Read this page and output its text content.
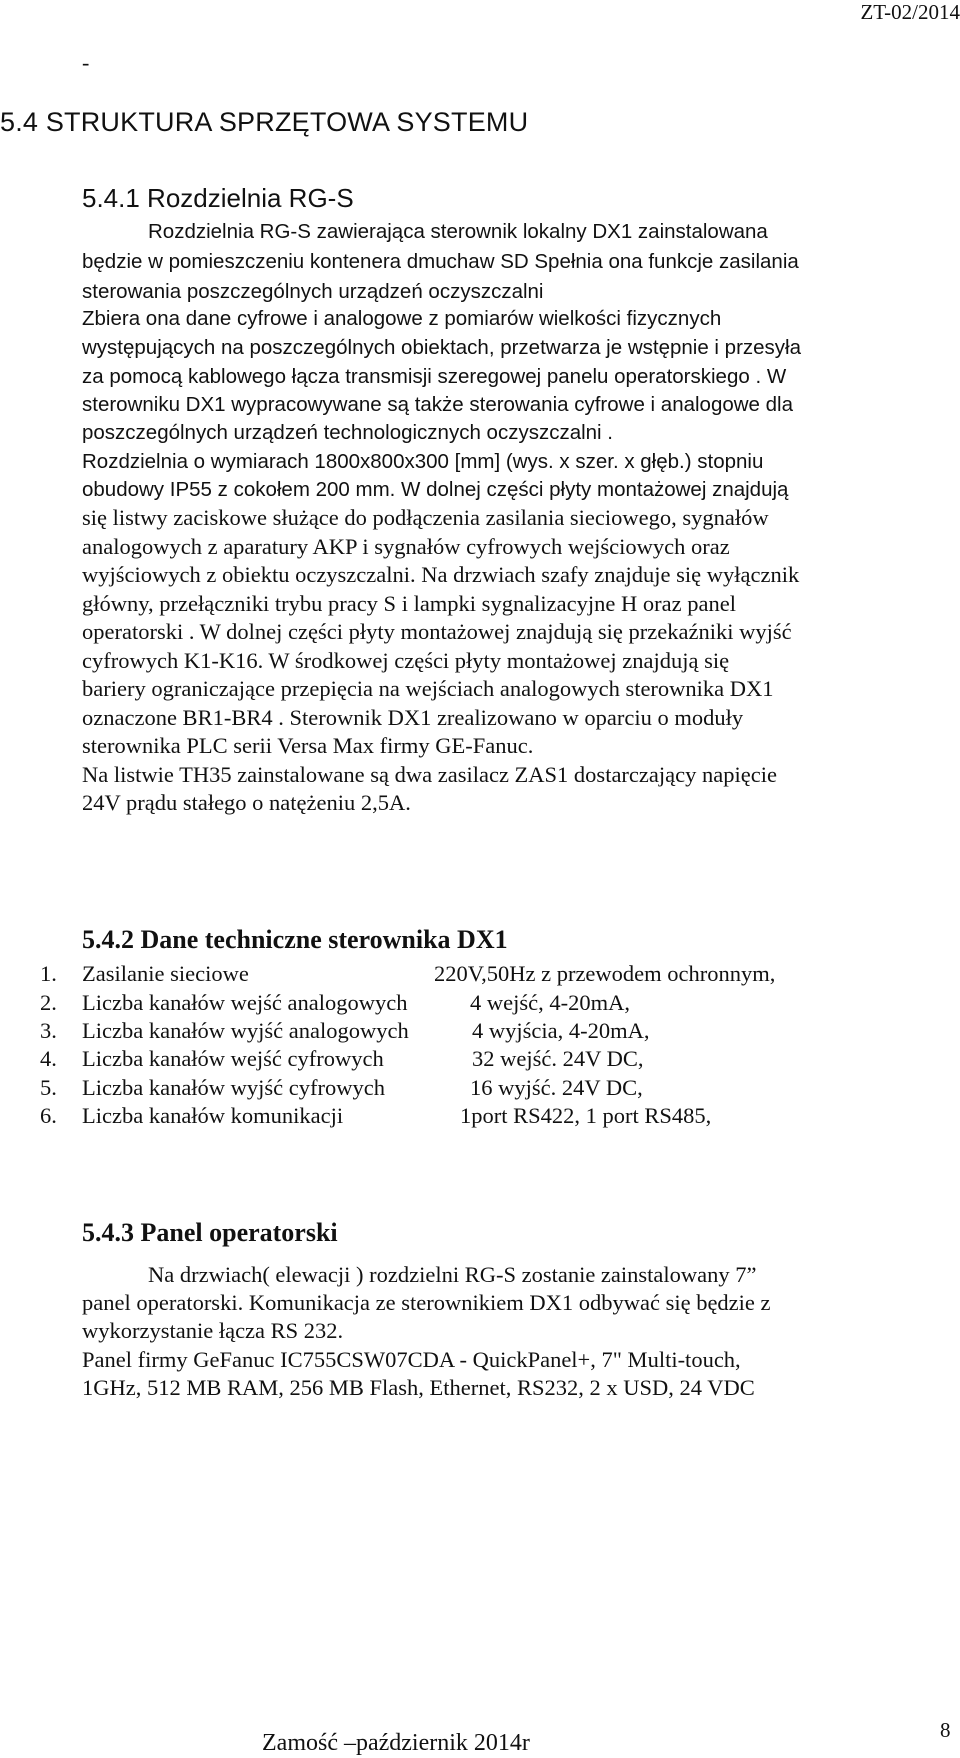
ZT-02/2014
-
5.4 STRUKTURA SPRZĘTOWA SYSTEMU
5.4.1 Rozdzielnia RG-S
Rozdzielnia RG-S zawierająca sterownik lokalny DX1 zainstalowana
będzie w pomieszczeniu kontenera dmuchaw SD Spełnia ona funkcje zasilania
sterowania poszczególnych urządzeń oczyszczalni
Zbiera ona dane cyfrowe i analogowe z pomiarów wielkości fizycznych
występujących na poszczególnych obiektach, przetwarza je wstępnie i przesyła
za pomocą kablowego łącza transmisji szeregowej panelu operatorskiego . W
sterowniku DX1 wypracowywane są także sterowania cyfrowe i analogowe dla
poszczególnych urządzeń technologicznych oczyszczalni .
Rozdzielnia o wymiarach 1800x800x300 [mm] (wys. x szer. x głęb.) stopniu
obudowy IP55 z cokołem 200 mm. W dolnej części płyty montażowej znajdują
się listwy zaciskowe służące do podłączenia zasilania sieciowego, sygnałów
analogowych z aparatury AKP i sygnałów cyfrowych wejściowych oraz
wyjściowych z obiektu oczyszczalni. Na drzwiach szafy znajduje się wyłącznik
główny, przełączniki trybu pracy S i lampki sygnalizacyjne H oraz panel
operatorski . W dolnej części płyty montażowej znajdują się przekaźniki wyjść
cyfrowych K1-K16. W środkowej części płyty montażowej znajdują się
bariery ograniczające przepięcia na wejściach analogowych sterownika DX1
oznaczone BR1-BR4 . Sterownik DX1 zrealizowano w oparciu o moduły
sterownika PLC serii Versa Max firmy GE-Fanuc.
Na listwie TH35 zainstalowane są dwa zasilacz ZAS1 dostarczający napięcie
24V prądu stałego o natężeniu 2,5A.
5.4.2 Dane techniczne sterownika DX1
1. Zasilanie sieciowe	220V,50Hz z przewodem ochronnym,
2. Liczba kanałów wejść analogowych	4 wejść, 4-20mA,
3. Liczba kanałów wyjść analogowych	4 wyjścia, 4-20mA,
4. Liczba kanałów wejść cyfrowych	32 wejść. 24V DC,
5. Liczba kanałów wyjść cyfrowych	16 wyjść. 24V DC,
6. Liczba kanałów komunikacji	1port RS422, 1 port RS485,
5.4.3 Panel operatorski
Na drzwiach( elewacji ) rozdzielni RG-S zostanie zainstalowany 7”
panel operatorski. Komunikacja ze sterownikiem DX1 odbywać się będzie z
wykorzystanie łącza RS 232.
Panel firmy GeFanuc IC755CSW07CDA - QuickPanel+, 7" Multi-touch,
1GHz, 512 MB RAM, 256 MB Flash, Ethernet, RS232, 2 x USD, 24 VDC
Zamość –październik 2014r	8
